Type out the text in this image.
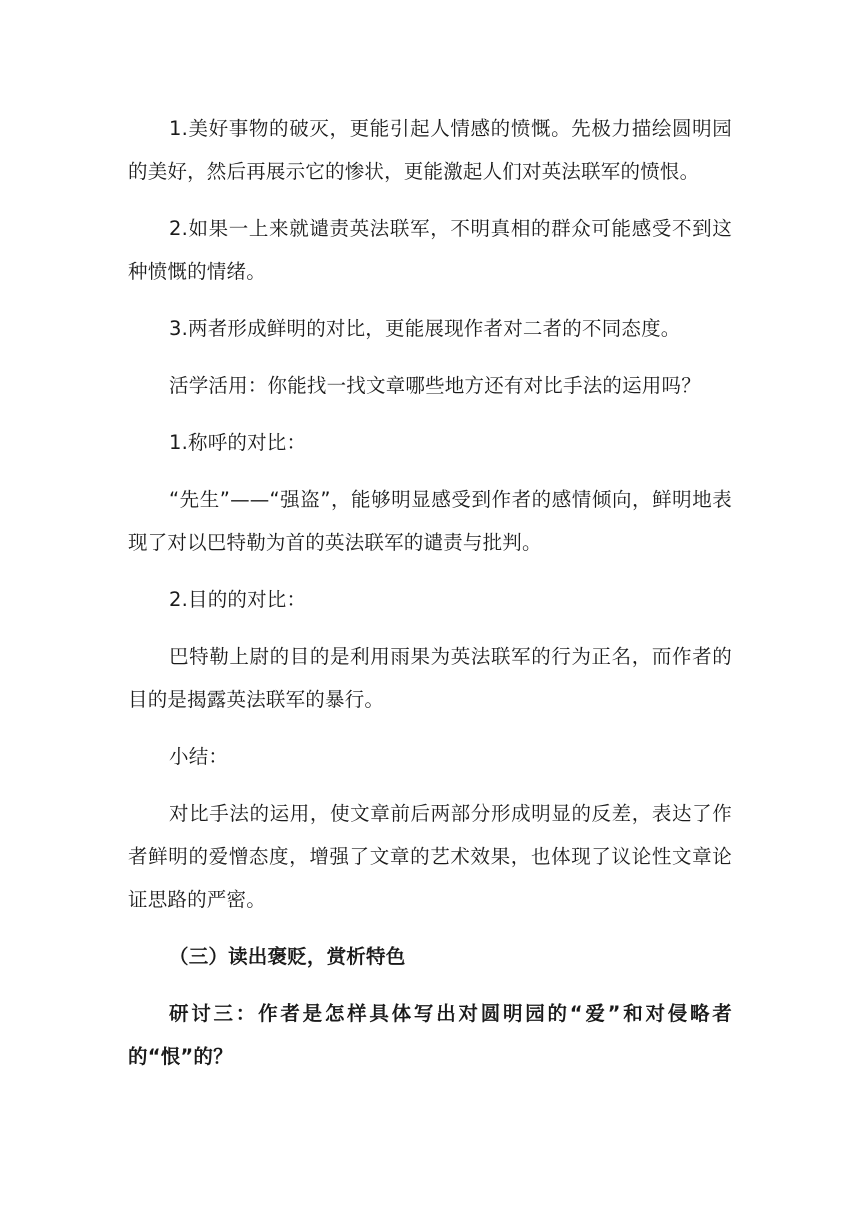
1.美好事物的破灭，更能引起人情感的愤慨。先极力描绘圆明园的美好，然后再展示它的惨状，更能激起人们对英法联军的愤恨。

2.如果一上来就谴责英法联军，不明真相的群众可能感受不到这种愤慨的情绪。

3.两者形成鲜明的对比，更能展现作者对二者的不同态度。

活学活用：你能找一找文章哪些地方还有对比手法的运用吗？

1.称呼的对比：

“先生”——“强盗”，能够明显感受到作者的感情倾向，鲜明地表现了对以巴特勒为首的英法联军的谴责与批判。

2.目的的对比：

巴特勒上尉的目的是利用雨果为英法联军的行为正名，而作者的目的是揭露英法联军的暴行。

小结：

对比手法的运用，使文章前后两部分形成明显的反差，表达了作者鲜明的爱憎态度，增强了文章的艺术效果，也体现了议论性文章论证思路的严密。

（三）读出褒贬，赏析特色

研讨三：作者是怎样具体写出对圆明园的“爱”和对侵略者的“恨”的？
